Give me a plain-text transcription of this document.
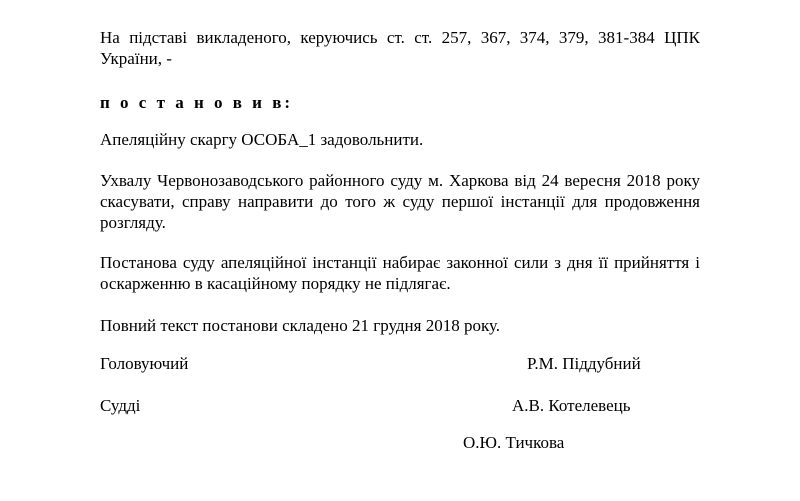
На підставі викладеного, керуючись ст. ст. 257, 367, 374, 379, 381-384 ЦПК України, -

п о с т а н о в и в:

Апеляційну скаргу ОСОБА_1 задовольнити.

Ухвалу Червонозаводського районного суду м. Харкова від 24 вересня 2018 року скасувати, справу направити до того ж суду першої інстанції для продовження розгляду.

Постанова суду апеляційної інстанції набирає законної сили з дня її прийняття і оскарженню в касаційному порядку не підлягає.

Повний текст постанови складено 21 грудня 2018 року.

Головуючий	Р.М. Піддубний

Судді	А.В. Котелевець

О.Ю. Тичкова
